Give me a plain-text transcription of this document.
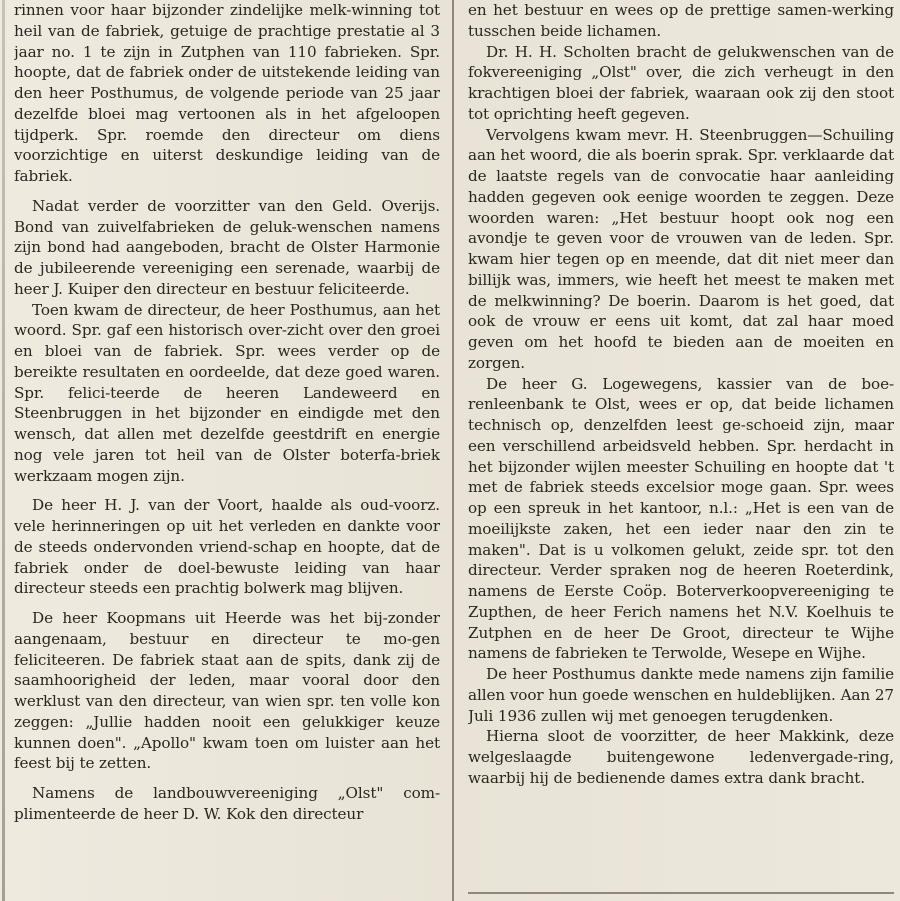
rinnen voor haar bijzonder zindelijke melk-winning tot heil van de fabriek, getuige de prachtige prestatie al 3 jaar no. 1 te zijn in Zutphen van 110 fabrieken. Spr. hoopte, dat de fabriek onder de uitstekende leiding van den heer Posthumus, de volgende periode van 25 jaar dezelfde bloei mag vertoonen als in het afgeloopen tijdperk. Spr. roemde den directeur om diens voorzichtige en uiterst deskundige leiding van de fabriek.

Nadat verder de voorzitter van den Geld. Overijs. Bond van zuivelfabrieken de geluk-wenschen namens zijn bond had aangeboden, bracht de Olster Harmonie de jubileerende vereeniging een serenade, waarbij de heer J. Kuiper den directeur en bestuur feliciteerde.

Toen kwam de directeur, de heer Posthumus, aan het woord. Spr. gaf een historisch over-zicht over den groei en bloei van de fabriek. Spr. wees verder op de bereikte resultaten en oordeelde, dat deze goed waren. Spr. felici-teerde de heeren Landeweerd en Steenbruggen in het bijzonder en eindigde met den wensch, dat allen met dezelfde geestdrift en energie nog vele jaren tot heil van de Olster boterfa-briek werkzaam mogen zijn.

De heer H. J. van der Voort, haalde als oud-voorz. vele herinneringen op uit het verleden en dankte voor de steeds ondervonden vriend-schap en hoopte, dat de fabriek onder de doel-bewuste leiding van haar directeur steeds een prachtig bolwerk mag blijven.

De heer Koopmans uit Heerde was het bij-zonder aangenaam, bestuur en directeur te mo-gen feliciteeren. De fabriek staat aan de spits, dank zij de saamhoorigheid der leden, maar vooral door den werklust van den directeur, van wien spr. ten volle kon zeggen: „Jullie hadden nooit een gelukkiger keuze kunnen doen". „Apollo" kwam toen om luister aan het feest bij te zetten.

Namens de landbouwvereeniging „Olst" com-plimenteerde de heer D. W. Kok den directeur

en het bestuur en wees op de prettige samen-werking tusschen beide lichamen.

Dr. H. H. Scholten bracht de gelukwenschen van de fokvereeniging „Olst" over, die zich verheugt in den krachtigen bloei der fabriek, waaraan ook zij den stoot tot oprichting heeft gegeven.

Vervolgens kwam mevr. H. Steenbruggen—Schuiling aan het woord, die als boerin sprak. Spr. verklaarde dat de laatste regels van de convocatie haar aanleiding hadden gegeven ook eenige woorden te zeggen. Deze woorden waren: „Het bestuur hoopt ook nog een avondje te geven voor de vrouwen van de leden. Spr. kwam hier tegen op en meende, dat dit niet meer dan billijk was, immers, wie heeft het meest te maken met de melkwinning? De boerin. Daarom is het goed, dat ook de vrouw er eens uit komt, dat zal haar moed geven om het hoofd te bieden aan de moeiten en zorgen.

De heer G. Logewegens, kassier van de boe-renleenbank te Olst, wees er op, dat beide lichamen technisch op, denzelfden leest ge-schoeid zijn, maar een verschillend arbeidsveld hebben. Spr. herdacht in het bijzonder wijlen meester Schuiling en hoopte dat 't met de fabriek steeds excelsior moge gaan. Spr. wees op een spreuk in het kantoor, n.l.: „Het is een van de moeilijkste zaken, het een ieder naar den zin te maken". Dat is u volkomen gelukt, zeide spr. tot den directeur. Verder spraken nog de heeren Roeterdink, namens de Eerste Coöp. Boterverkoopvereeniging te Zupthen, de heer Ferich namens het N.V. Koelhuis te Zutphen en de heer De Groot, directeur te Wijhe namens de fabrieken te Terwolde, Wesepe en Wijhe.

De heer Posthumus dankte mede namens zijn familie allen voor hun goede wenschen en huldeblijken. Aan 27 Juli 1936 zullen wij met genoegen terugdenken.

Hierna sloot de voorzitter, de heer Makkink, deze welgeslaagde buitengewone ledenvergade-ring, waarbij hij de bedienende dames extra dank bracht.
